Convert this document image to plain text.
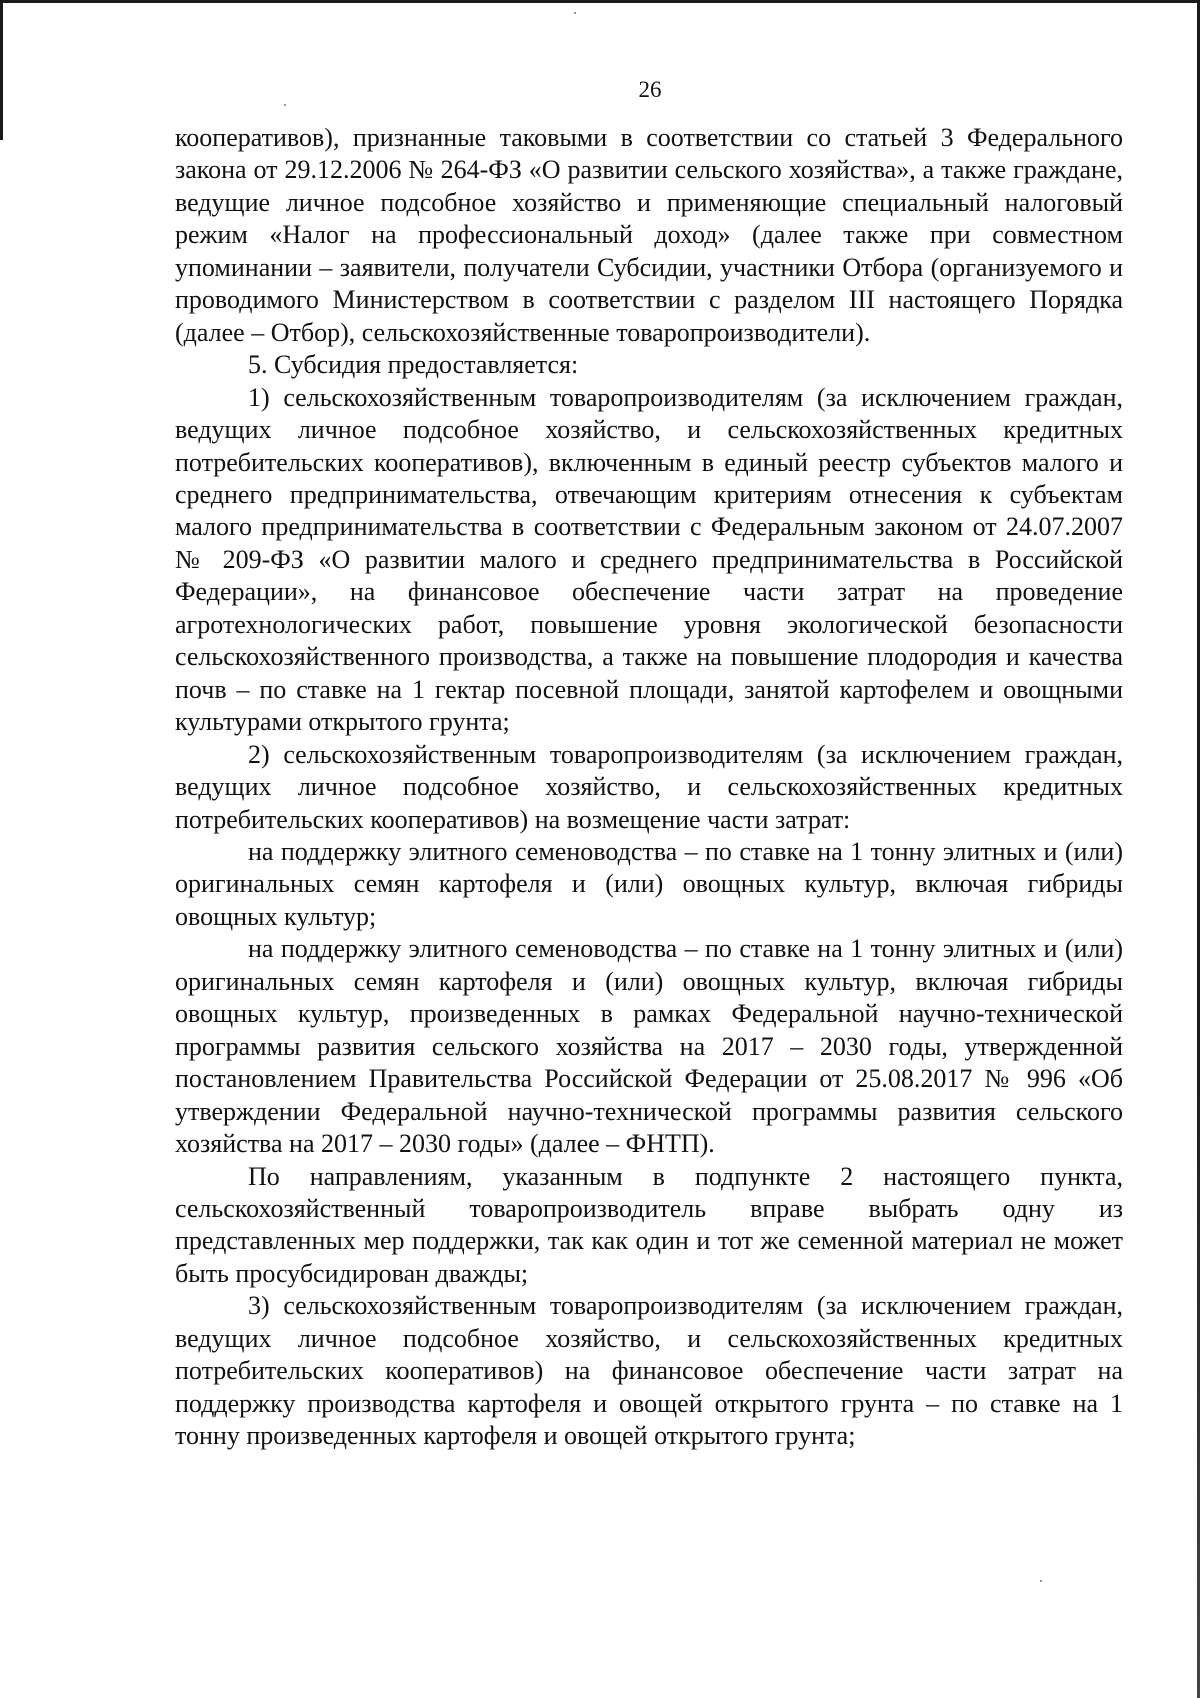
26

кооперативов), признанные таковыми в соответствии со статьей 3 Федерального закона от 29.12.2006 № 264-ФЗ «О развитии сельского хозяйства», а также граждане, ведущие личное подсобное хозяйство и применяющие специальный налоговый режим «Налог на профессиональный доход» (далее также при совместном упоминании – заявители, получатели Субсидии, участники Отбора (организуемого и проводимого Министерством в соответствии с разделом III настоящего Порядка (далее – Отбор), сельскохозяйственные товаропроизводители).

5. Субсидия предоставляется:

1) сельскохозяйственным товаропроизводителям (за исключением граждан, ведущих личное подсобное хозяйство, и сельскохозяйственных кредитных потребительских кооперативов), включенным в единый реестр субъектов малого и среднего предпринимательства, отвечающим критериям отнесения к субъектам малого предпринимательства в соответствии с Федеральным законом от 24.07.2007 № 209-ФЗ «О развитии малого и среднего предпринимательства в Российской Федерации», на финансовое обеспечение части затрат на проведение агротехнологических работ, повышение уровня экологической безопасности сельскохозяйственного производства, а также на повышение плодородия и качества почв – по ставке на 1 гектар посевной площади, занятой картофелем и овощными культурами открытого грунта;

2) сельскохозяйственным товаропроизводителям (за исключением граждан, ведущих личное подсобное хозяйство, и сельскохозяйственных кредитных потребительских кооперативов) на возмещение части затрат:

на поддержку элитного семеноводства – по ставке на 1 тонну элитных и (или) оригинальных семян картофеля и (или) овощных культур, включая гибриды овощных культур;

на поддержку элитного семеноводства – по ставке на 1 тонну элитных и (или) оригинальных семян картофеля и (или) овощных культур, включая гибриды овощных культур, произведенных в рамках Федеральной научно-технической программы развития сельского хозяйства на 2017 – 2030 годы, утвержденной постановлением Правительства Российской Федерации от 25.08.2017 № 996 «Об утверждении Федеральной научно-технической программы развития сельского хозяйства на 2017 – 2030 годы» (далее – ФНТП).

По направлениям, указанным в подпункте 2 настоящего пункта, сельскохозяйственный товаропроизводитель вправе выбрать одну из представленных мер поддержки, так как один и тот же семенной материал не может быть просубсидирован дважды;

3) сельскохозяйственным товаропроизводителям (за исключением граждан, ведущих личное подсобное хозяйство, и сельскохозяйственных кредитных потребительских кооперативов) на финансовое обеспечение части затрат на поддержку производства картофеля и овощей открытого грунта – по ставке на 1 тонну произведенных картофеля и овощей открытого грунта;
